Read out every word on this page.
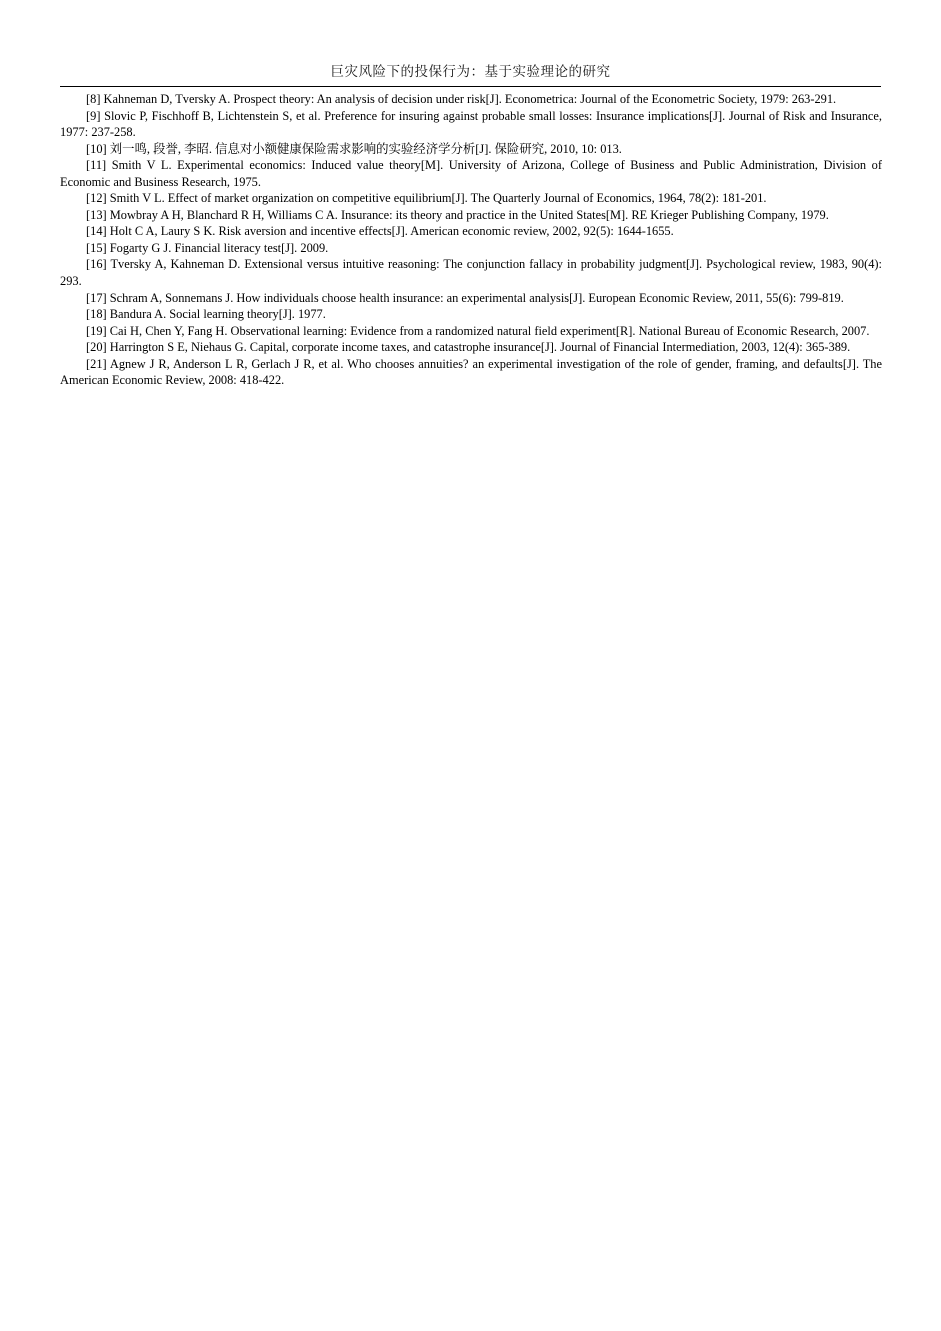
巨灾风险下的投保行为：基于实验理论的研究

[8] Kahneman D, Tversky A. Prospect theory: An analysis of decision under risk[J]. Econometrica: Journal of the Econometric Society, 1979: 263-291.

[9] Slovic P, Fischhoff B, Lichtenstein S, et al. Preference for insuring against probable small losses: Insurance implications[J]. Journal of Risk and Insurance, 1977: 237-258.

[10] 刘一鸣, 段誉, 李昭. 信息对小额健康保险需求影响的实验经济学分析[J]. 保险研究, 2010, 10: 013.

[11] Smith V L. Experimental economics: Induced value theory[M]. University of Arizona, College of Business and Public Administration, Division of Economic and Business Research, 1975.

[12] Smith V L. Effect of market organization on competitive equilibrium[J]. The Quarterly Journal of Economics, 1964, 78(2): 181-201.

[13] Mowbray A H, Blanchard R H, Williams C A. Insurance: its theory and practice in the United States[M]. RE Krieger Publishing Company, 1979.

[14] Holt C A, Laury S K. Risk aversion and incentive effects[J]. American economic review, 2002, 92(5): 1644-1655.

[15] Fogarty G J. Financial literacy test[J]. 2009.

[16] Tversky A, Kahneman D. Extensional versus intuitive reasoning: The conjunction fallacy in probability judgment[J]. Psychological review, 1983, 90(4): 293.

[17] Schram A, Sonnemans J. How individuals choose health insurance: an experimental analysis[J]. European Economic Review, 2011, 55(6): 799-819.

[18] Bandura A. Social learning theory[J]. 1977.

[19] Cai H, Chen Y, Fang H. Observational learning: Evidence from a randomized natural field experiment[R]. National Bureau of Economic Research, 2007.

[20] Harrington S E, Niehaus G. Capital, corporate income taxes, and catastrophe insurance[J]. Journal of Financial Intermediation, 2003, 12(4): 365-389.

[21] Agnew J R, Anderson L R, Gerlach J R, et al. Who chooses annuities? an experimental investigation of the role of gender, framing, and defaults[J]. The American Economic Review, 2008: 418-422.
